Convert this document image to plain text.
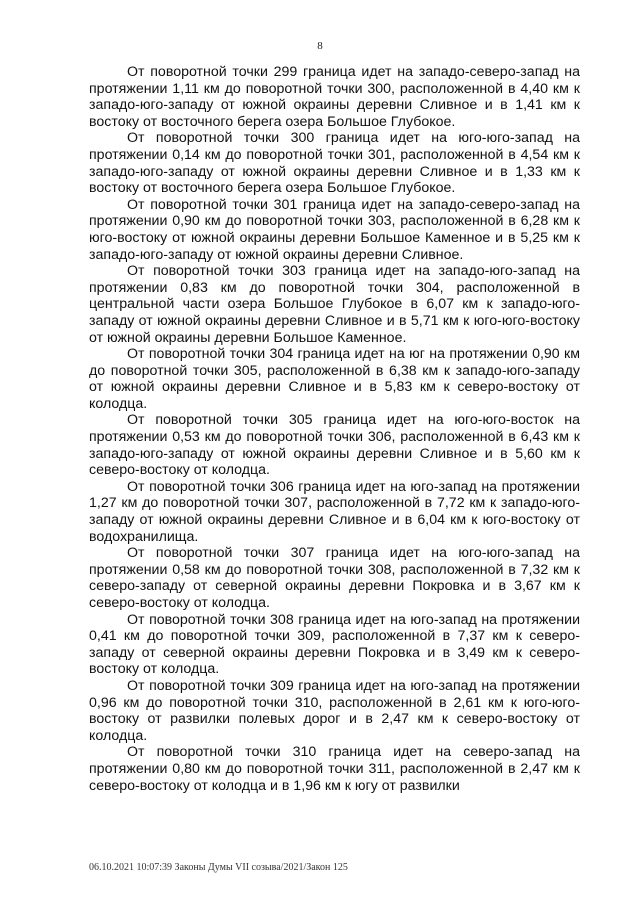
8

От поворотной точки 299 граница идет на западо-северо-запад на протяжении 1,11 км до поворотной точки 300, расположенной в 4,40 км к западо-юго-западу от южной окраины деревни Сливное и в 1,41 км к востоку от восточного берега озера Большое Глубокое.

От поворотной точки 300 граница идет на юго-юго-запад на протяжении 0,14 км до поворотной точки 301, расположенной в 4,54 км к западо-юго-западу от южной окраины деревни Сливное и в 1,33 км к востоку от восточного берега озера Большое Глубокое.

От поворотной точки 301 граница идет на западо-северо-запад на протяжении 0,90 км до поворотной точки 303, расположенной в 6,28 км к юго-востоку от южной окраины деревни Большое Каменное и в 5,25 км к западо-юго-западу от южной окраины деревни Сливное.

От поворотной точки 303 граница идет на западо-юго-запад на протяжении 0,83 км до поворотной точки 304, расположенной в центральной части озера Большое Глубокое в 6,07 км к западо-юго-западу от южной окраины деревни Сливное и в 5,71 км к юго-юго-востоку от южной окраины деревни Большое Каменное.

От поворотной точки 304 граница идет на юг на протяжении 0,90 км до поворотной точки 305, расположенной в 6,38 км к западо-юго-западу от южной окраины деревни Сливное и в 5,83 км к северо-востоку от колодца.

От поворотной точки 305 граница идет на юго-юго-восток на протяжении 0,53 км до поворотной точки 306, расположенной в 6,43 км к западо-юго-западу от южной окраины деревни Сливное и в 5,60 км к северо-востоку от колодца.

От поворотной точки 306 граница идет на юго-запад на протяжении 1,27 км до поворотной точки 307, расположенной в 7,72 км к западо-юго-западу от южной окраины деревни Сливное и в 6,04 км к юго-востоку от водохранилища.

От поворотной точки 307 граница идет на юго-юго-запад на протяжении 0,58 км до поворотной точки 308, расположенной в 7,32 км к северо-западу от северной окраины деревни Покровка и в 3,67 км к северо-востоку от колодца.

От поворотной точки 308 граница идет на юго-запад на протяжении 0,41 км до поворотной точки 309, расположенной в 7,37 км к северо-западу от северной окраины деревни Покровка и в 3,49 км к северо-востоку от колодца.

От поворотной точки 309 граница идет на юго-запад на протяжении 0,96 км до поворотной точки 310, расположенной в 2,61 км к юго-юго-востоку от развилки полевых дорог и в 2,47 км к северо-востоку от колодца.

От поворотной точки 310 граница идет на северо-запад на протяжении 0,80 км до поворотной точки 311, расположенной в 2,47 км к северо-востоку от колодца и в 1,96 км к югу от развилки

06.10.2021 10:07:39 Законы Думы VII созыва/2021/Закон 125
